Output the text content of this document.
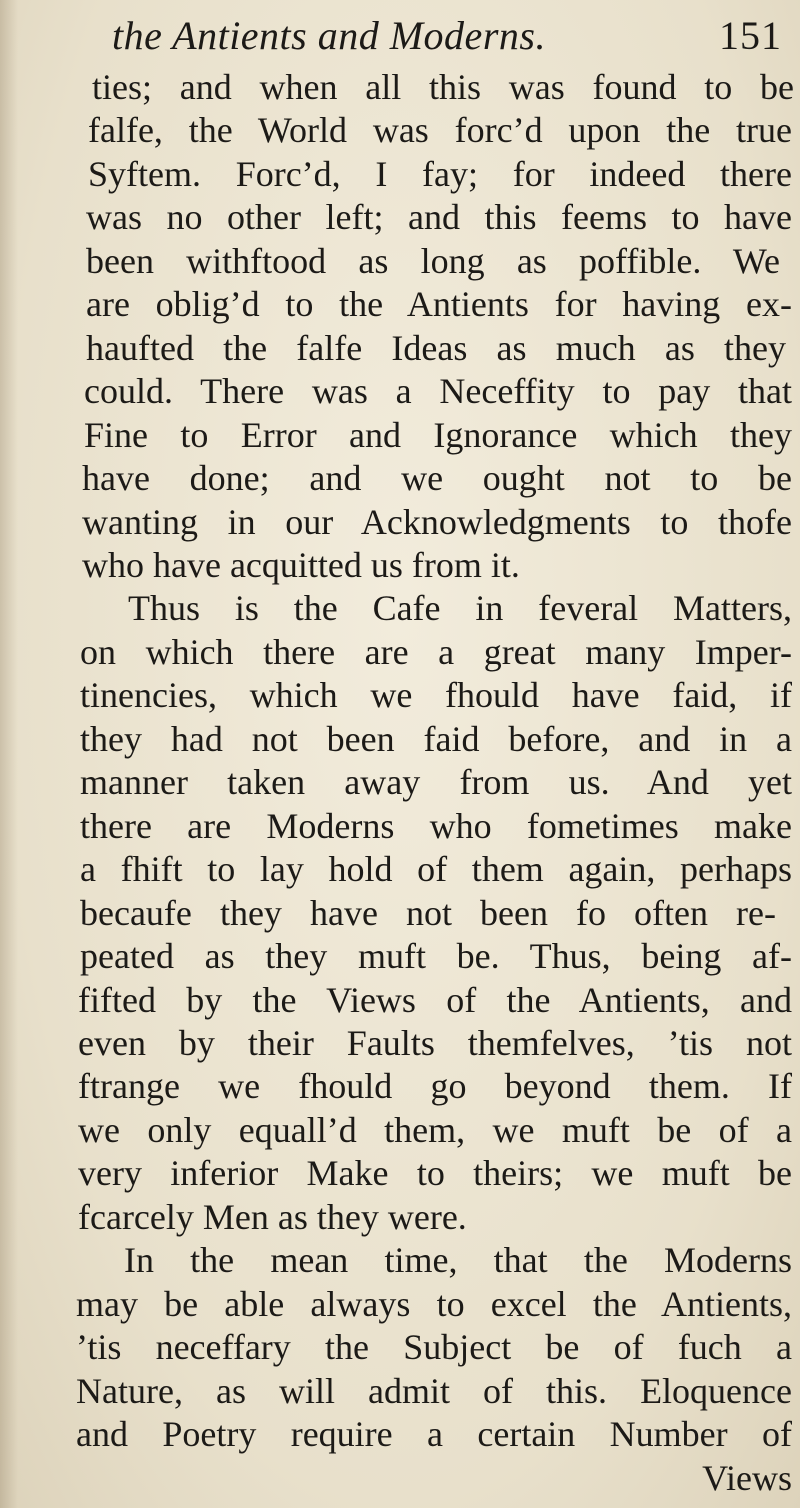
the Antients and Moderns.	151
ties; and when all this was found to be
falfe, the World was forc’d upon the true
Syftem. Forc’d, I fay; for indeed there
was no other left; and this feems to have
been withftood as long as poffible. We
are oblig’d to the Antients for having ex-
haufted the falfe Ideas as much as they
could. There was a Neceffity to pay that
Fine to Error and Ignorance which they
have done; and we ought not to be
wanting in our Acknowledgments to thofe
who have acquitted us from it.
Thus is the Cafe in feveral Matters,
on which there are a great many Imper-
tinencies, which we fhould have faid, if
they had not been faid before, and in a
manner taken away from us. And yet
there are Moderns who fometimes make
a fhift to lay hold of them again, perhaps
becaufe they have not been fo often re-
peated as they muft be. Thus, being af-
fifted by the Views of the Antients, and
even by their Faults themfelves, ’tis not
ftrange we fhould go beyond them. If
we only equall’d them, we muft be of a
very inferior Make to theirs; we muft be
fcarcely Men as they were.
In the mean time, that the Moderns
may be able always to excel the Antients,
’tis neceffary the Subject be of fuch a
Nature, as will admit of this. Eloquence
and Poetry require a certain Number of
Views
